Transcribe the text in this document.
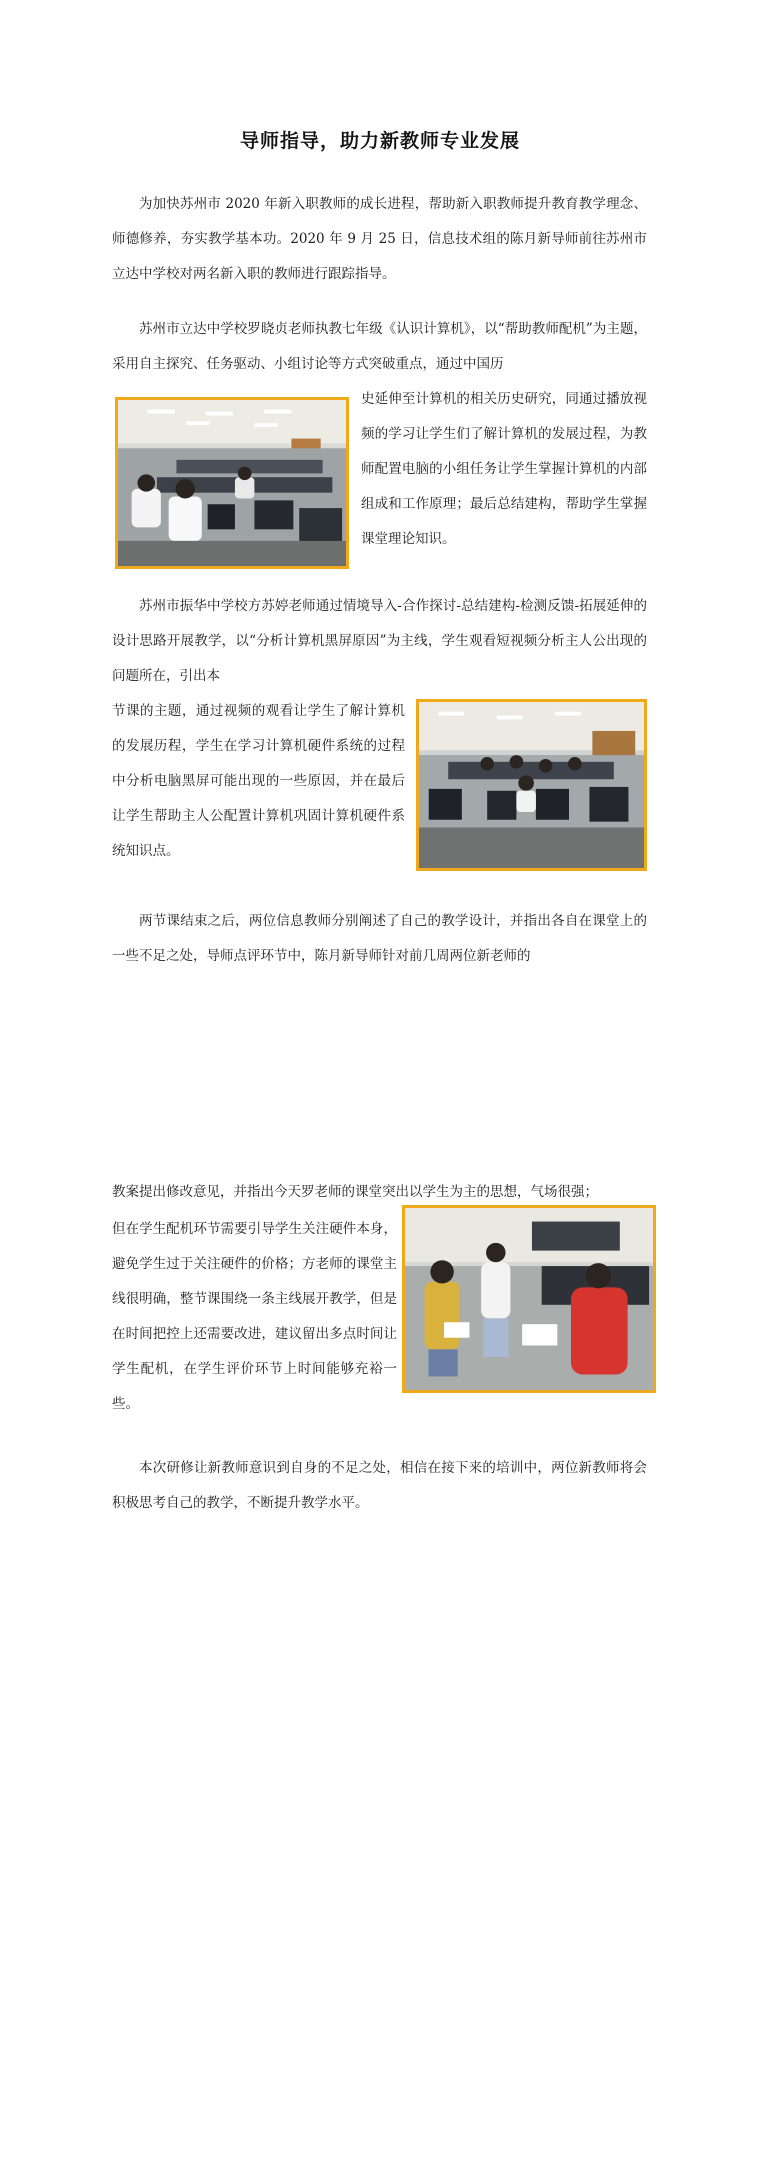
导师指导，助力新教师专业发展

为加快苏州市 2020 年新入职教师的成长进程，帮助新入职教师提升教育教学理念、师德修养，夯实教学基本功。2020 年 9 月 25 日，信息技术组的陈月新导师前往苏州市立达中学校对两名新入职的教师进行跟踪指导。

苏州市立达中学校罗晓贞老师执教七年级《认识计算机》，以“帮助教师配机”为主题，采用自主探究、任务驱动、小组讨论等方式突破重点，通过中国历

史延伸至计算机的相关历史研究，同通过播放视频的学习让学生们了解计算机的发展过程，为教师配置电脑的小组任务让学生掌握计算机的内部组成和工作原理；最后总结建构，帮助学生掌握课堂理论知识。

苏州市振华中学校方苏婷老师通过情境导入-合作探讨-总结建构-检测反馈-拓展延伸的设计思路开展教学，以“分析计算机黑屏原因”为主线，学生观看短视频分析主人公出现的问题所在，引出本

节课的主题，通过视频的观看让学生了解计算机的发展历程，学生在学习计算机硬件系统的过程中分析电脑黑屏可能出现的一些原因，并在最后让学生帮助主人公配置计算机巩固计算机硬件系统知识点。

两节课结束之后，两位信息教师分别阐述了自己的教学设计，并指出各自在课堂上的一些不足之处，导师点评环节中，陈月新导师针对前几周两位新老师的

教案提出修改意见，并指出今天罗老师的课堂突出以学生为主的思想，气场很强；

但在学生配机环节需要引导学生关注硬件本身，避免学生过于关注硬件的价格；方老师的课堂主线很明确，整节课围绕一条主线展开教学，但是在时间把控上还需要改进，建议留出多点时间让学生配机，在学生评价环节上时间能够充裕一些。

本次研修让新教师意识到自身的不足之处，相信在接下来的培训中，两位新教师将会积极思考自己的教学，不断提升教学水平。
